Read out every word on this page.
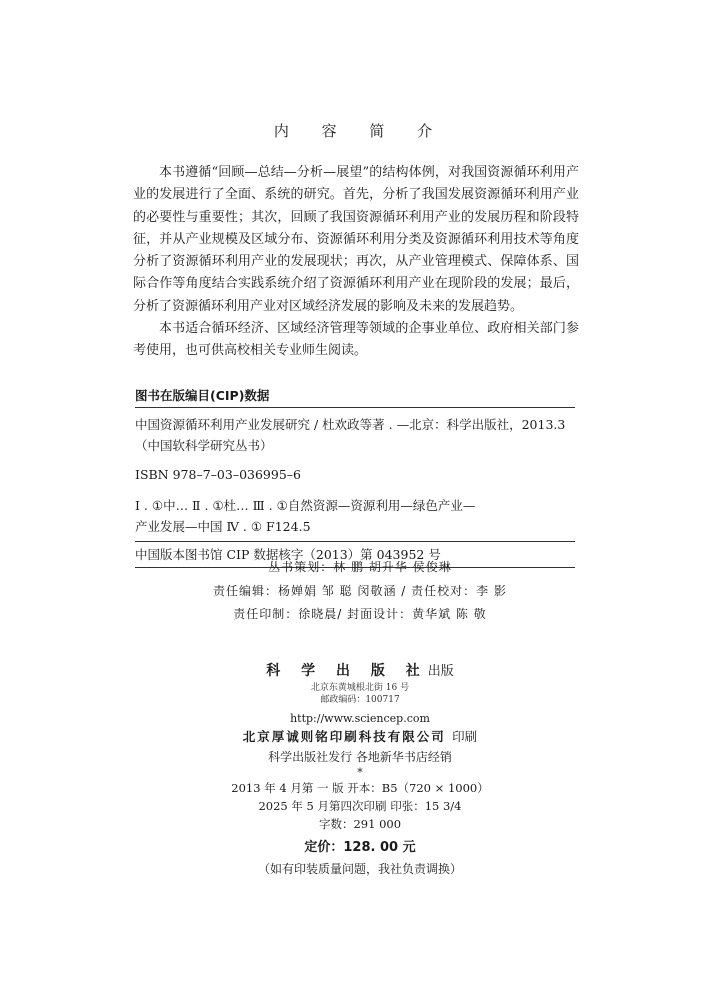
内 容 简 介

本书遵循“回顾—总结—分析—展望”的结构体例，对我国资源循环利用产业的发展进行了全面、系统的研究。首先，分析了我国发展资源循环利用产业的必要性与重要性；其次，回顾了我国资源循环利用产业的发展历程和阶段特征，并从产业规模及区域分布、资源循环利用分类及资源循环利用技术等角度分析了资源循环利用产业的发展现状；再次，从产业管理模式、保障体系、国际合作等角度结合实践系统介绍了资源循环利用产业在现阶段的发展；最后，分析了资源循环利用产业对区域经济发展的影响及未来的发展趋势。

本书适合循环经济、区域经济管理等领域的企事业单位、政府相关部门参考使用，也可供高校相关专业师生阅读。

图书在版编目(CIP)数据
中国资源循环利用产业发展研究 / 杜欢政等著 . —北京：科学出版社，2013.3
（中国软科学研究丛书）
ISBN 978–7–03–036995–6
Ⅰ . ①中… Ⅱ . ①杜… Ⅲ . ①自然资源—资源利用—绿色产业—
产业发展—中国 Ⅳ . ① F124.5
中国版本图书馆 CIP 数据核字（2013）第 043952 号
丛书策划：林 鹏 胡升华 侯俊琳
责任编辑：杨婵娟 邹 聪 闵敬涵 / 责任校对：李 影
责任印制：徐晓晨/ 封面设计：黄华斌 陈 敬
科 学 出 版 社出版
北京东黄城根北街 16 号
邮政编码：100717
http://www.sciencep.com
北京厚诚则铭印刷科技有限公司 印刷
科学出版社发行 各地新华书店经销
*
2013 年 4 月第 一 版 开本：B5（720 × 1000）
2025 年 5 月第四次印刷 印张：15 3/4
字数：291 000
定价：128. 00 元
（如有印装质量问题，我社负责调换）
